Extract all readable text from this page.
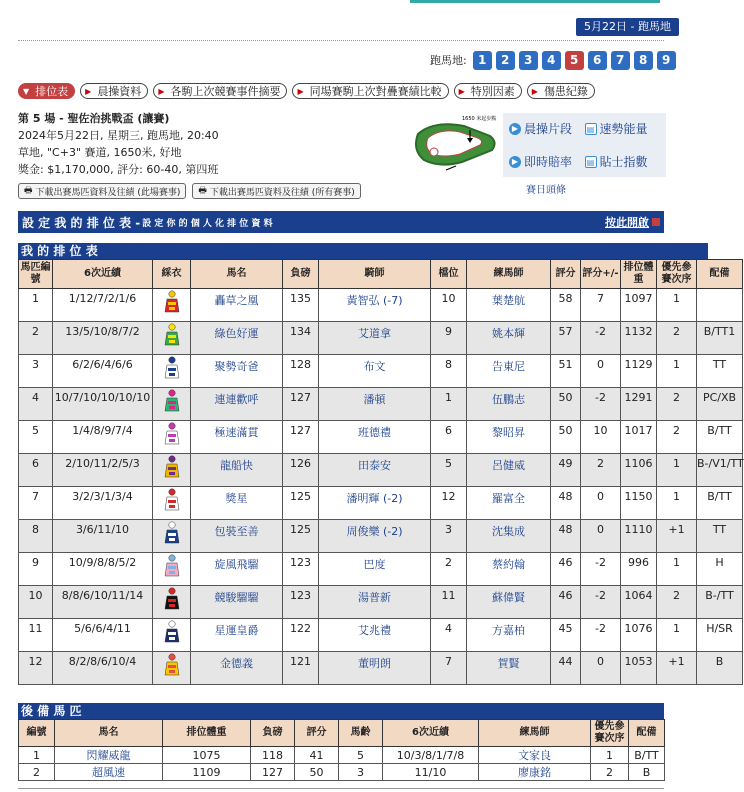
5月22日 - 跑馬地
跑馬地: 1	2	3	4	5	6	7	8	9
▼ 排位表 ▶ 晨操資料 ▶ 各駒上次競賽事件摘要 ▶ 同場賽駒上次對疊賽績比較 ▶ 特別因素 ▶ 傷患紀錄
第 5 場 - 聖佐治挑戰盃 (讓賽)
2024年5月22日, 星期三, 跑馬地, 20:40
草地, "C+3" 賽道, 1650米, 好地
獎金: $1,170,000, 評分: 60-40, 第四班
🖶 下載出賽馬匹資料及往績 (此場賽事) 🖶 下載出賽馬匹資料及往績 (所有賽事)
1650 米起步點
▶ 晨操片段 ▤ 速勢能量
▶ 即時賠率 ▤ 貼士指數
賽日頭條
設 定 我 的 排 位 表 - 設 定 你 的 個 人 化 排 位 資 料	按此開啟
我 的 排 位 表
馬匹編號	6次近績	綵衣	馬名	負磅	騎師	檔位	練馬師	評分	評分+/-	排位體重	優先參賽次序	配備
1	1/12/7/2/1/6		轟草之凰	135	黃智弘 (-7)	10	葉楚航	58	7	1097	1	
2	13/5/10/8/7/2		綠色好運	134	艾道拿	9	姚本輝	57	-2	1132	2	B/TT1
3	6/2/6/4/6/6		聚勢奇爸	128	布文	8	告東尼	51	0	1129	1	TT
4	10/7/10/10/10/10		連連歡呼	127	潘頓	1	伍鵬志	50	-2	1291	2	PC/XB
5	1/4/8/9/7/4		極速滿貫	127	班德禮	6	黎昭昇	50	10	1017	2	B/TT
6	2/10/11/2/5/3		龍船快	126	田泰安	5	呂健威	49	2	1106	1	B-/V1/TT
7	3/2/3/1/3/4		獎星	125	潘明輝 (-2)	12	羅富全	48	0	1150	1	B/TT
8	3/6/11/10		包裝至善	125	周俊樂 (-2)	3	沈集成	48	0	1110	+1	TT
9	10/9/8/8/5/2		旋風飛騮	123	巴度	2	蔡約翰	46	-2	996	1	H
10	8/8/6/10/11/14		競駿騮騮	123	湯普新	11	蘇偉賢	46	-2	1064	2	B-/TT
11	5/6/6/4/11		星運皇爵	122	艾兆禮	4	方嘉柏	45	-2	1076	1	H/SR
12	8/2/8/6/10/4		金德義	121	董明朗	7	賀賢	44	0	1053	+1	B
後 備 馬 匹
編號	馬名	排位體重	負磅	評分	馬齡	6次近績	練馬師	優先參賽次序	配備
1	閃耀威龍	1075	118	41	5	10/3/8/1/7/8	文家良	1	B/TT
2	超風速	1109	127	50	3	11/10	廖康銘	2	B
